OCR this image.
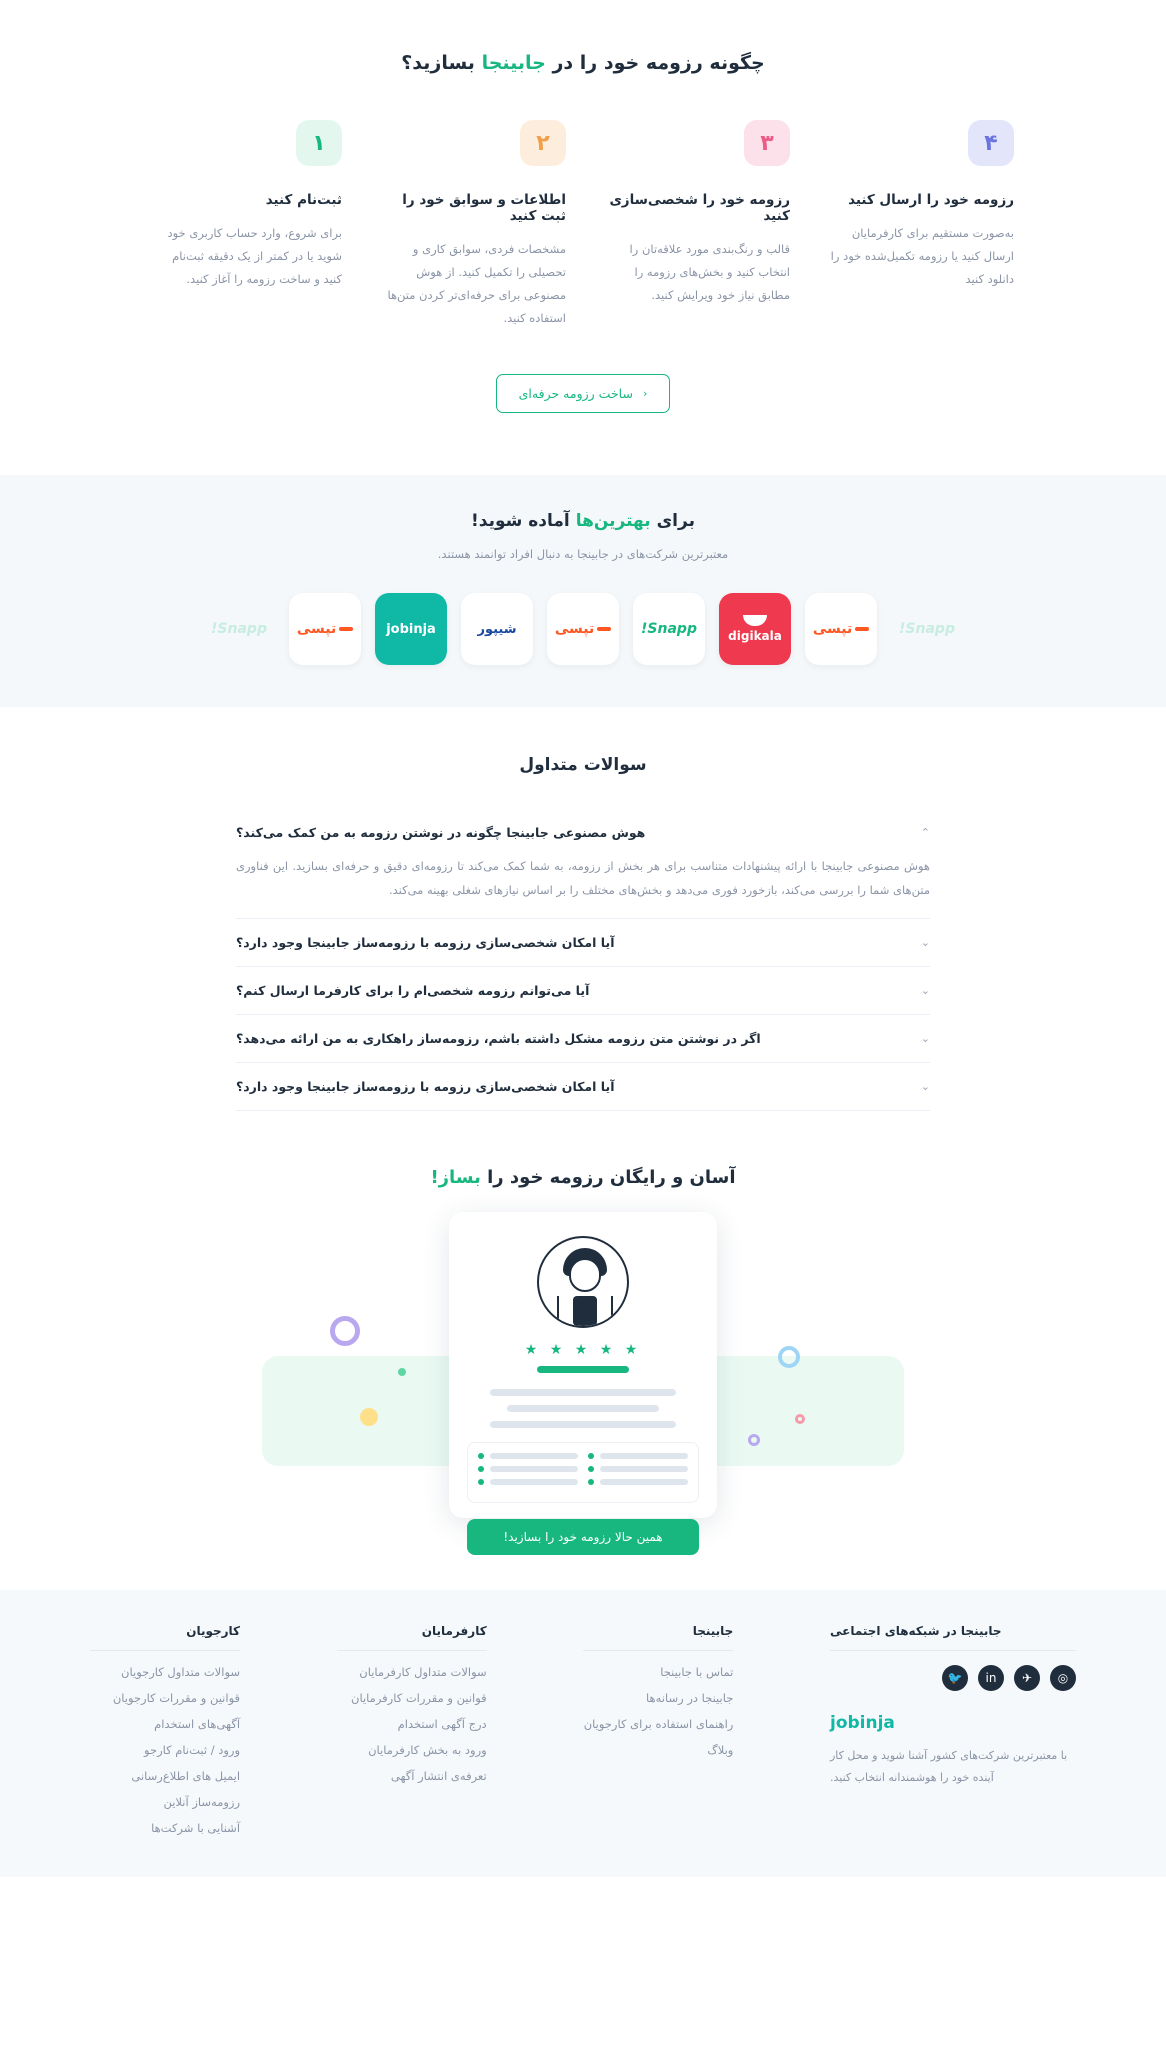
چگونه رزومه خود را در جابینجا بسازید؟
۱
ثبت‌نام کنید
برای شروع، وارد حساب کاربری خود شوید یا در کمتر از یک دقیقه ثبت‌نام کنید و ساخت رزومه را آغاز کنید.
۲
اطلاعات و سوابق خود را ثبت کنید
مشخصات فردی، سوابق کاری و تحصیلی را تکمیل کنید. از هوش مصنوعی برای حرفه‌ای‌تر کردن متن‌ها استفاده کنید.
۳
رزومه خود را شخصی‌سازی کنید
قالب و رنگ‌بندی مورد علاقه‌تان را انتخاب کنید و بخش‌های رزومه را مطابق نیاز خود ویرایش کنید.
۴
رزومه خود را ارسال کنید
به‌صورت مستقیم برای کارفرمایان ارسال کنید یا رزومه تکمیل‌شده خود را دانلود کنید
‹
ساخت رزومه حرفه‌ای
برای بهترین‌ها آماده شوید!

معتبرترین شرکت‌های در جابینجا به دنبال افراد توانمند هستند.

Snapp! تپسی	jobinja	شیپور	تپسی	Snapp!	digikala تپسی	Snapp!
سوالات متداول
هوش مصنوعی جابینجا چگونه در نوشتن رزومه به من کمک می‌کند؟	⌃
هوش مصنوعی جابینجا با ارائه پیشنهادات متناسب برای هر بخش از رزومه، به شما کمک می‌کند تا رزومه‌ای دقیق و حرفه‌ای بسازید. این فناوری متن‌های شما را بررسی می‌کند، بازخورد فوری می‌دهد و بخش‌های مختلف را بر اساس نیازهای شغلی بهینه می‌کند.
آیا امکان شخصی‌سازی رزومه با رزومه‌ساز جابینجا وجود دارد؟	⌄
آیا می‌توانم رزومه شخصی‌ام را برای کارفرما ارسال کنم؟	⌄
اگر در نوشتن متن رزومه مشکل داشته باشم، رزومه‌ساز راهکاری به من ارائه می‌دهد؟	⌄
آیا امکان شخصی‌سازی رزومه با رزومه‌ساز جابینجا وجود دارد؟	⌄
آسان و رایگان رزومه خود را بساز!
★ ★ ★ ★ ★
همین حالا رزومه خود را بسازید!
کارجویان
سوالات متداول کارجویان
قوانین و مقررات کارجویان
آگهی‌های استخدام
ورود / ثبت‌نام کارجو
ایمیل های اطلاع‌رسانی
رزومه‌ساز آنلاین
آشنایی با شرکت‌ها
کارفرمایان
سوالات متداول کارفرمایان
قوانین و مقررات کارفرمایان
درج آگهی استخدام
ورود به بخش کارفرمایان
تعرفه‌ی انتشار آگهی
جابینجا
تماس با جابینجا
جابینجا در رسانه‌ها
راهنمای استفاده برای کارجویان
وبلاگ
جابینجا در شبکه‌های اجتماعی
🐦	in	✈	◎
jobinja
با معتبرترین شرکت‌های کشور آشنا شوید و محل کار آینده خود را هوشمندانه انتخاب کنید.
